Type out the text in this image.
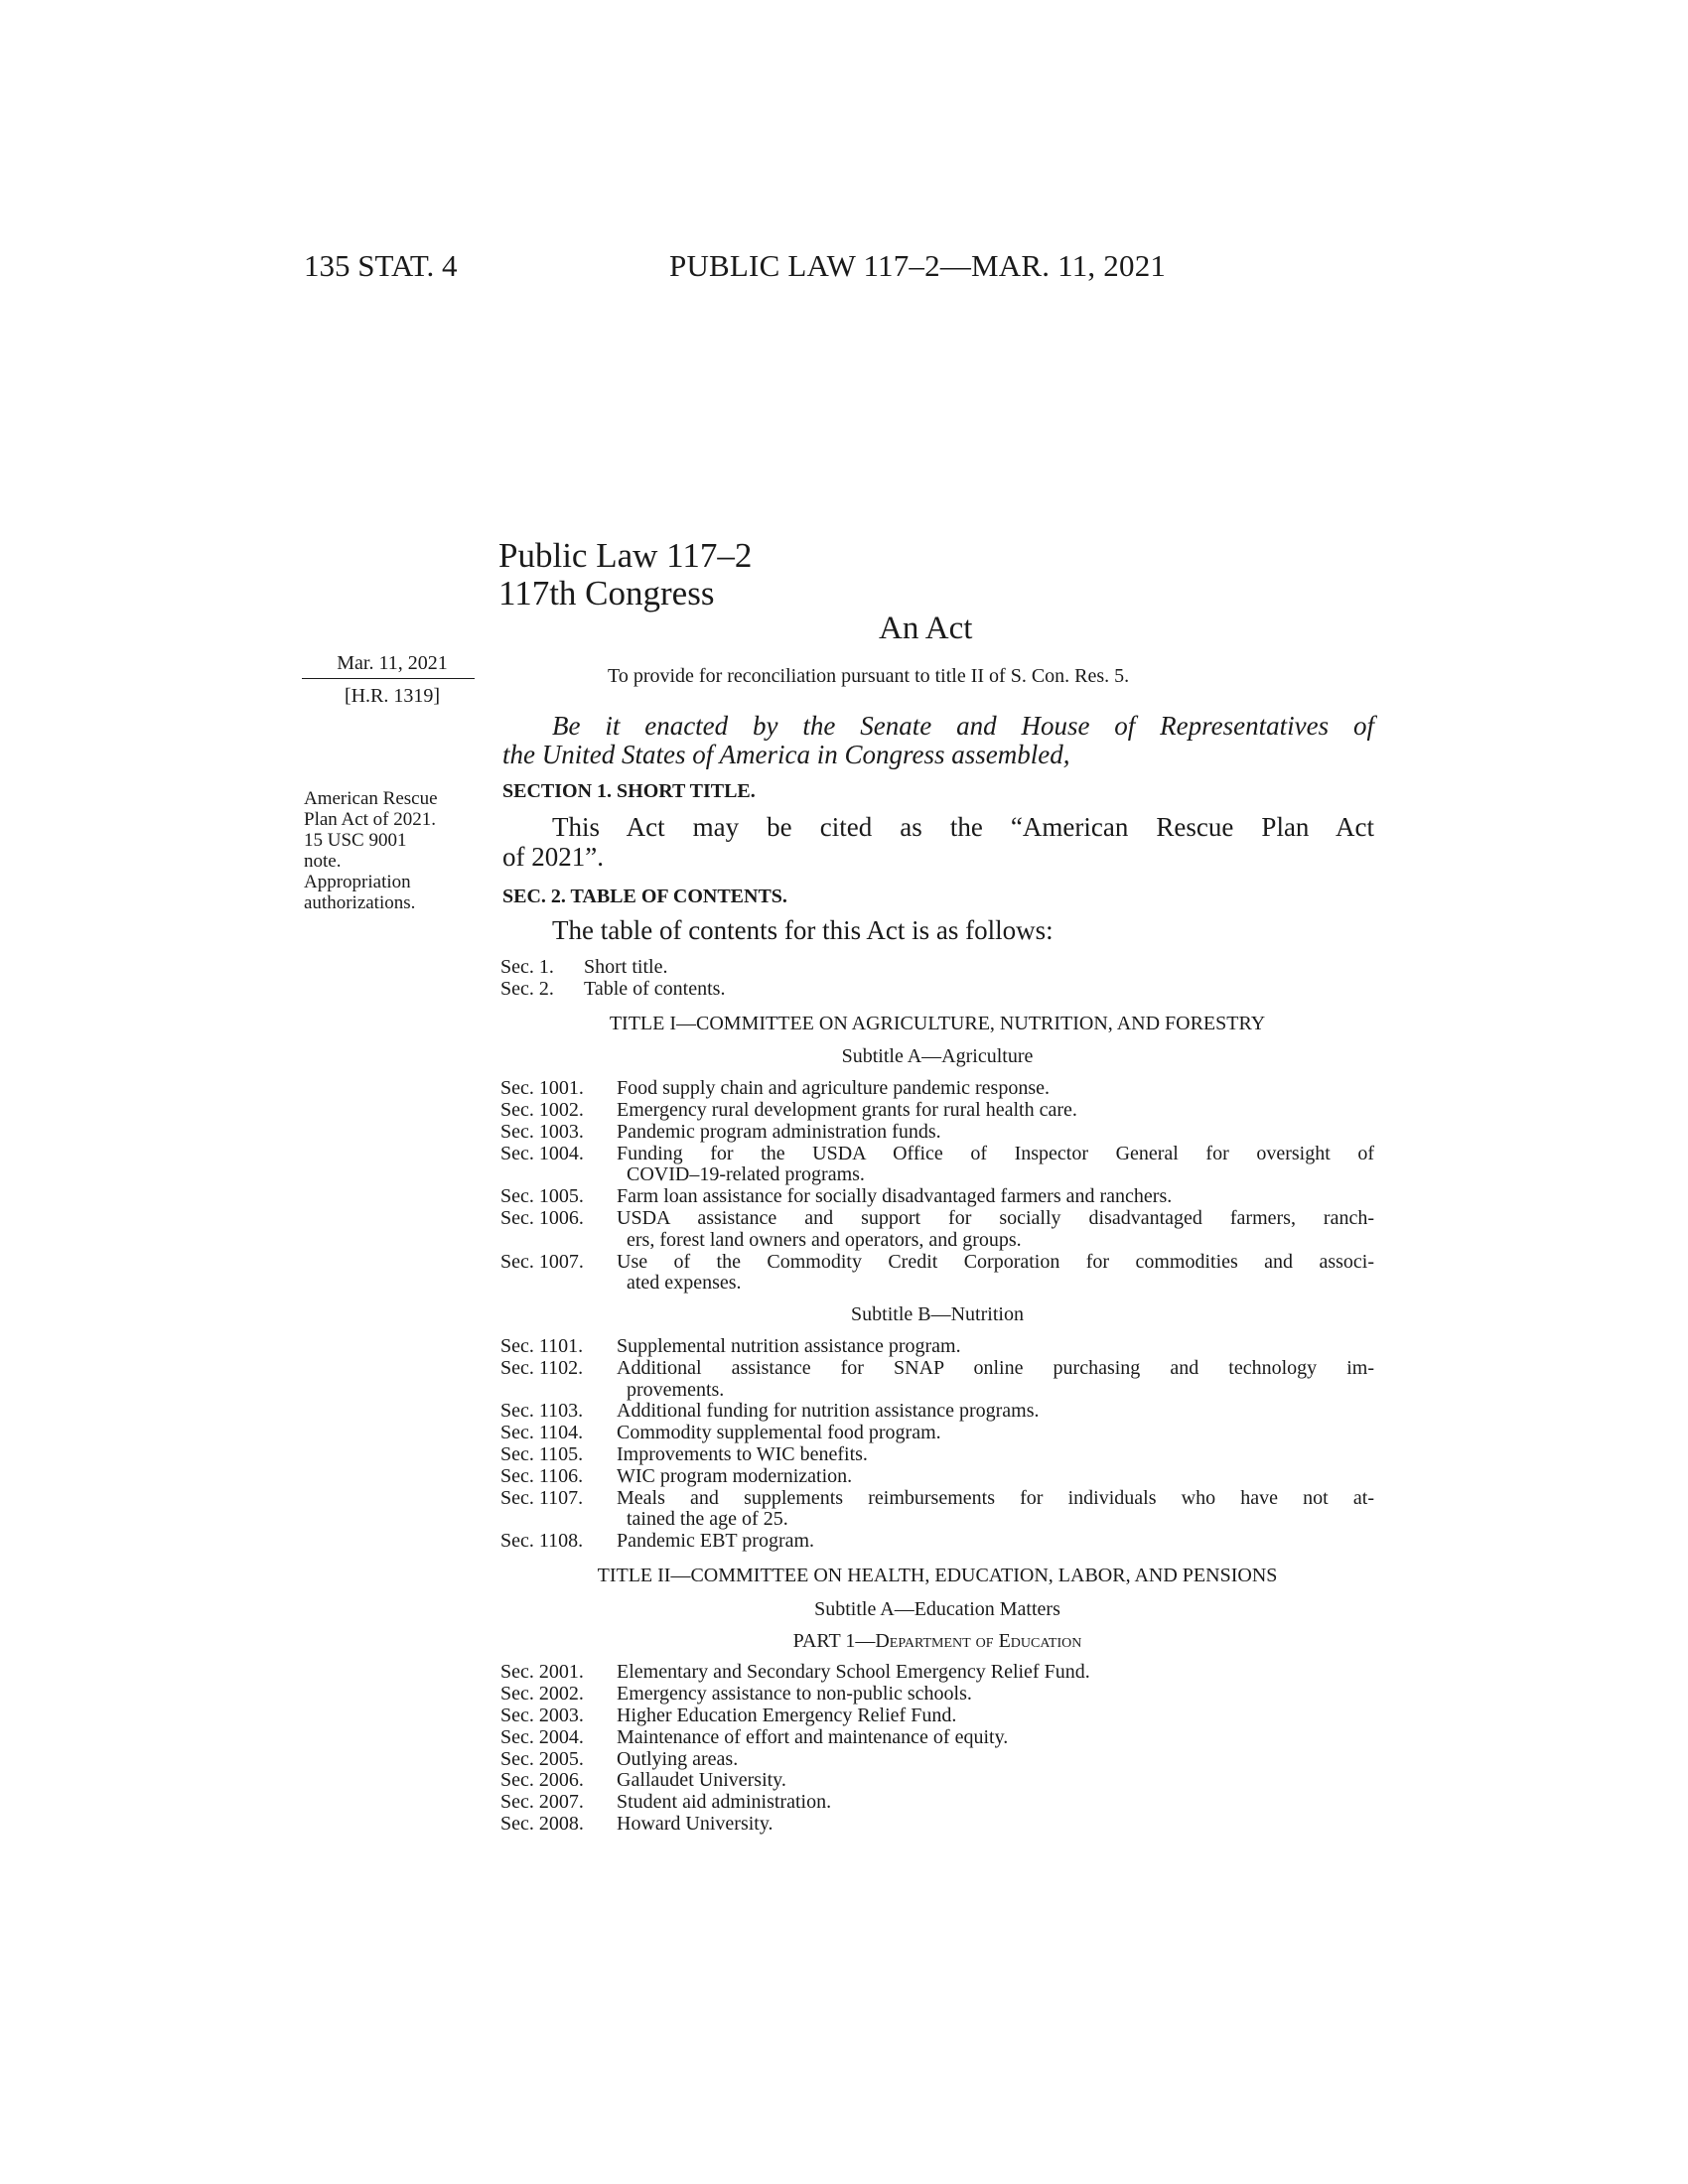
135 STAT. 4	PUBLIC LAW 117–2—MAR. 11, 2021
Public Law 117–2
117th Congress
An Act
Mar. 11, 2021
[H.R. 1319]
American Rescue
Plan Act of 2021.
15 USC 9001
note.
Appropriation
authorizations.
To provide for reconciliation pursuant to title II of S. Con. Res. 5.
Be it enacted by the Senate and House of Representatives of
the United States of America in Congress assembled,
SECTION 1. SHORT TITLE.
This Act may be cited as the “American Rescue Plan Act
of 2021”.
SEC. 2. TABLE OF CONTENTS.
The table of contents for this Act is as follows:
Sec. 1.	Short title.
Sec. 2.	Table of contents.
TITLE I—COMMITTEE ON AGRICULTURE, NUTRITION, AND FORESTRY
Subtitle A—Agriculture
Sec. 1001.	Food supply chain and agriculture pandemic response.
Sec. 1002.	Emergency rural development grants for rural health care.
Sec. 1003.	Pandemic program administration funds.
Sec. 1004.	Funding for the USDA Office of Inspector General for oversight of
COVID–19-related programs.
Sec. 1005.	Farm loan assistance for socially disadvantaged farmers and ranchers.
Sec. 1006.	USDA assistance and support for socially disadvantaged farmers, ranch-
ers, forest land owners and operators, and groups.
Sec. 1007.	Use of the Commodity Credit Corporation for commodities and associ-
ated expenses.
Subtitle B—Nutrition
Sec. 1101.	Supplemental nutrition assistance program.
Sec. 1102.	Additional assistance for SNAP online purchasing and technology im-
provements.
Sec. 1103.	Additional funding for nutrition assistance programs.
Sec. 1104.	Commodity supplemental food program.
Sec. 1105.	Improvements to WIC benefits.
Sec. 1106.	WIC program modernization.
Sec. 1107.	Meals and supplements reimbursements for individuals who have not at-
tained the age of 25.
Sec. 1108.	Pandemic EBT program.
TITLE II—COMMITTEE ON HEALTH, EDUCATION, LABOR, AND PENSIONS
Subtitle A—Education Matters
PART 1—Department of Education
Sec. 2001.	Elementary and Secondary School Emergency Relief Fund.
Sec. 2002.	Emergency assistance to non-public schools.
Sec. 2003.	Higher Education Emergency Relief Fund.
Sec. 2004.	Maintenance of effort and maintenance of equity.
Sec. 2005.	Outlying areas.
Sec. 2006.	Gallaudet University.
Sec. 2007.	Student aid administration.
Sec. 2008.	Howard University.
